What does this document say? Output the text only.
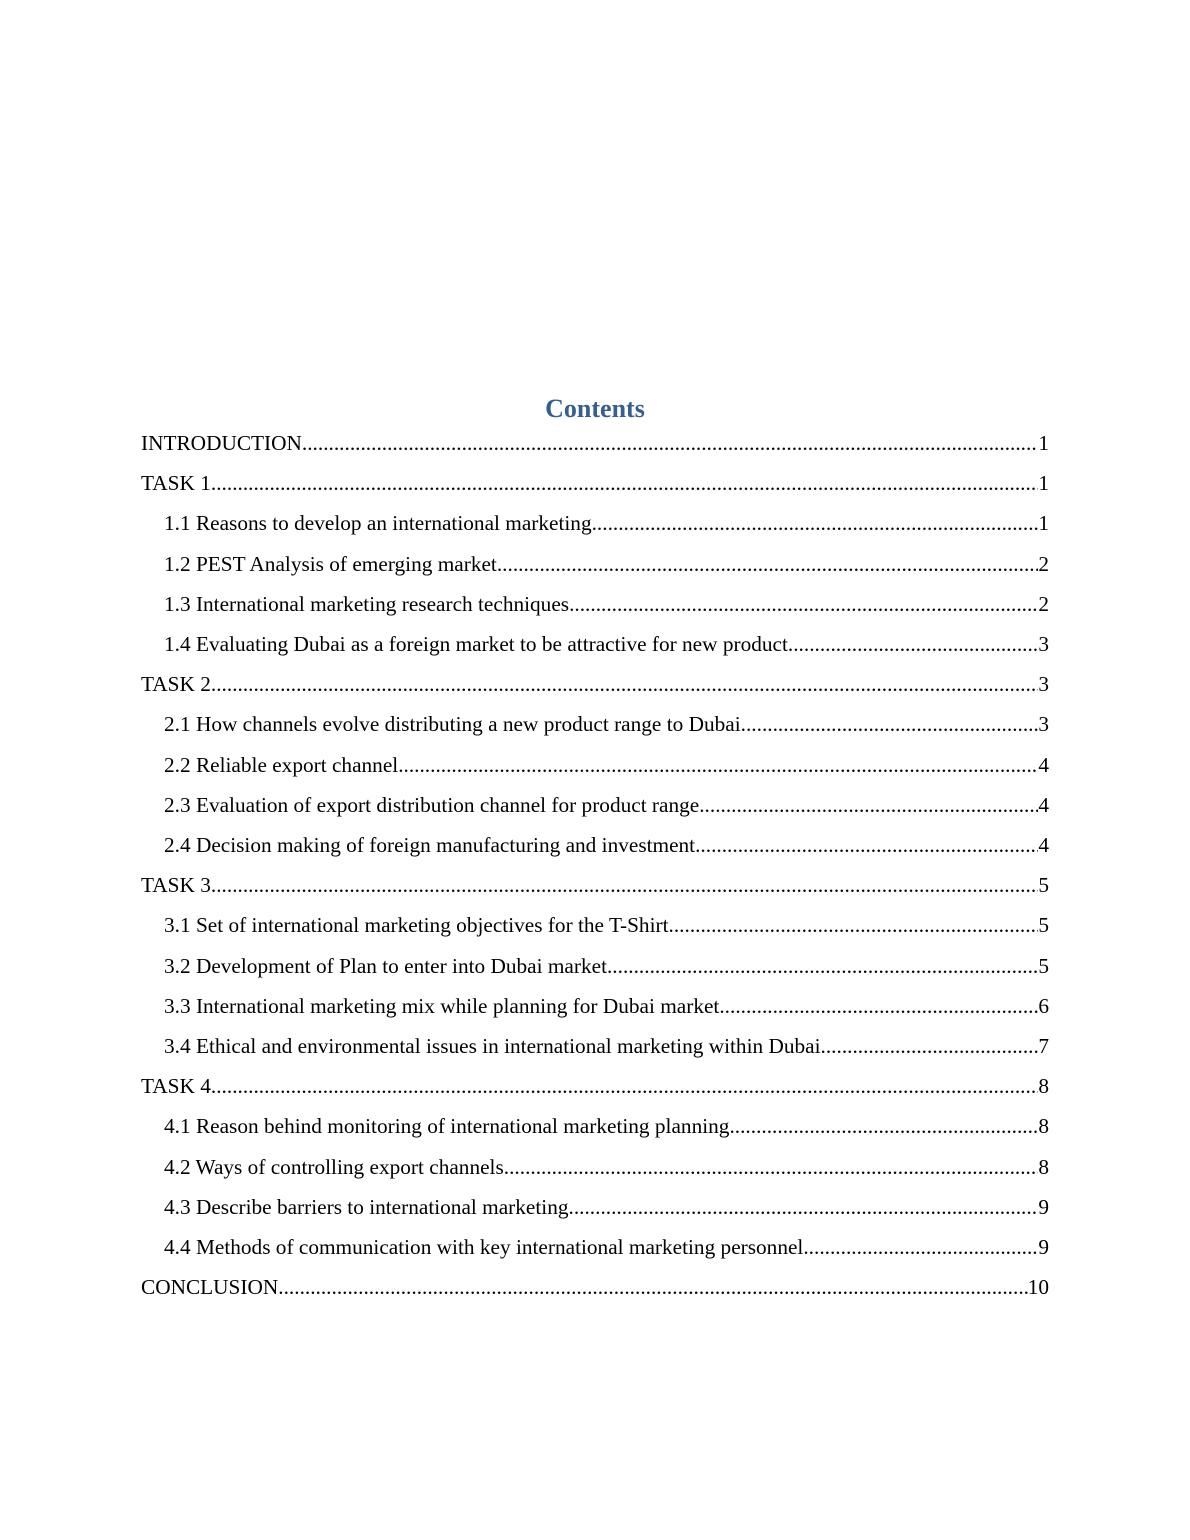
Contents
INTRODUCTION .....	1
TASK 1 .....	1
1.1 Reasons to develop an international marketing .....	1
1.2 PEST Analysis of emerging market .....	2
1.3 International marketing research techniques .....	2
1.4 Evaluating Dubai as a foreign market to be attractive for new product .....	3
TASK 2 .....	3
2.1 How channels evolve distributing a new product range to Dubai .....	3
2.2 Reliable export channel .....	4
2.3 Evaluation of export distribution channel for product range .....	4
2.4 Decision making of foreign manufacturing and investment .....	4
TASK 3 .....	5
3.1 Set of international marketing objectives for the T-Shirt .....	5
3.2 Development of Plan to enter into Dubai market .....	5
3.3 International marketing mix while planning for Dubai market .....	6
3.4 Ethical and environmental issues in international marketing within Dubai .....	7
TASK 4 .....	8
4.1 Reason behind monitoring of international marketing planning .....	8
4.2 Ways of controlling export channels .....	8
4.3 Describe barriers to international marketing .....	9
4.4 Methods of communication with key international marketing personnel .....	9
CONCLUSION .....	10
